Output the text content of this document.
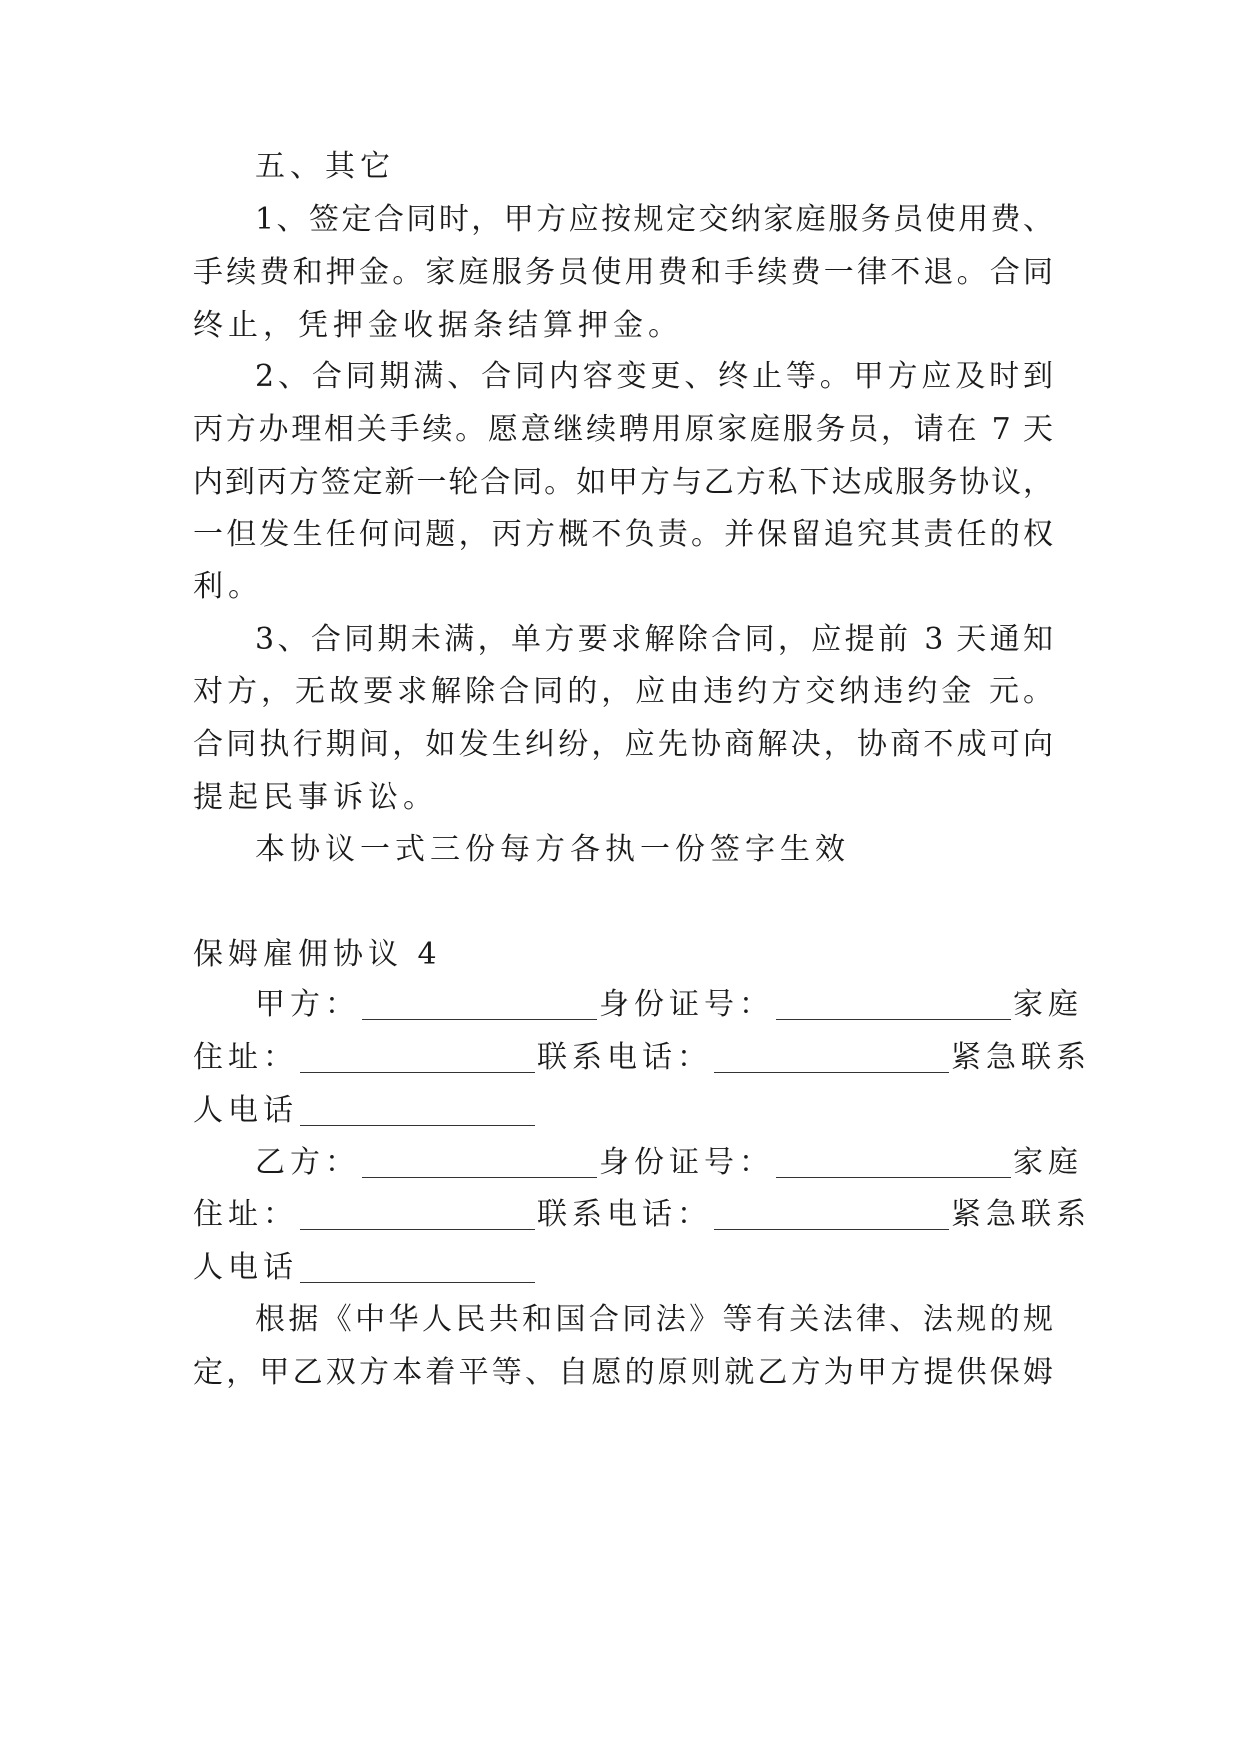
五、其它
1、签定合同时，甲方应按规定交纳家庭服务员使用费、
手续费和押金。家庭服务员使用费和手续费一律不退。合同
终止，凭押金收据条结算押金。
2、合同期满、合同内容变更、终止等。甲方应及时到
丙方办理相关手续。愿意继续聘用原家庭服务员，请在 7 天
内到丙方签定新一轮合同。如甲方与乙方私下达成服务协议，
一但发生任何问题，丙方概不负责。并保留追究其责任的权
利。
3、合同期未满，单方要求解除合同，应提前 3 天通知
对方，无故要求解除合同的，应由违约方交纳违约金 元。
合同执行期间，如发生纠纷，应先协商解决，协商不成可向
提起民事诉讼。
本协议一式三份每方各执一份签字生效
保姆雇佣协议 4
甲方：	身份证号：	家庭
住址：	联系电话：	紧急联系
人电话
乙方：	身份证号：	家庭
住址：	联系电话：	紧急联系
人电话
根据《中华人民共和国合同法》等有关法律、法规的规
定，甲乙双方本着平等、自愿的原则就乙方为甲方提供保姆
